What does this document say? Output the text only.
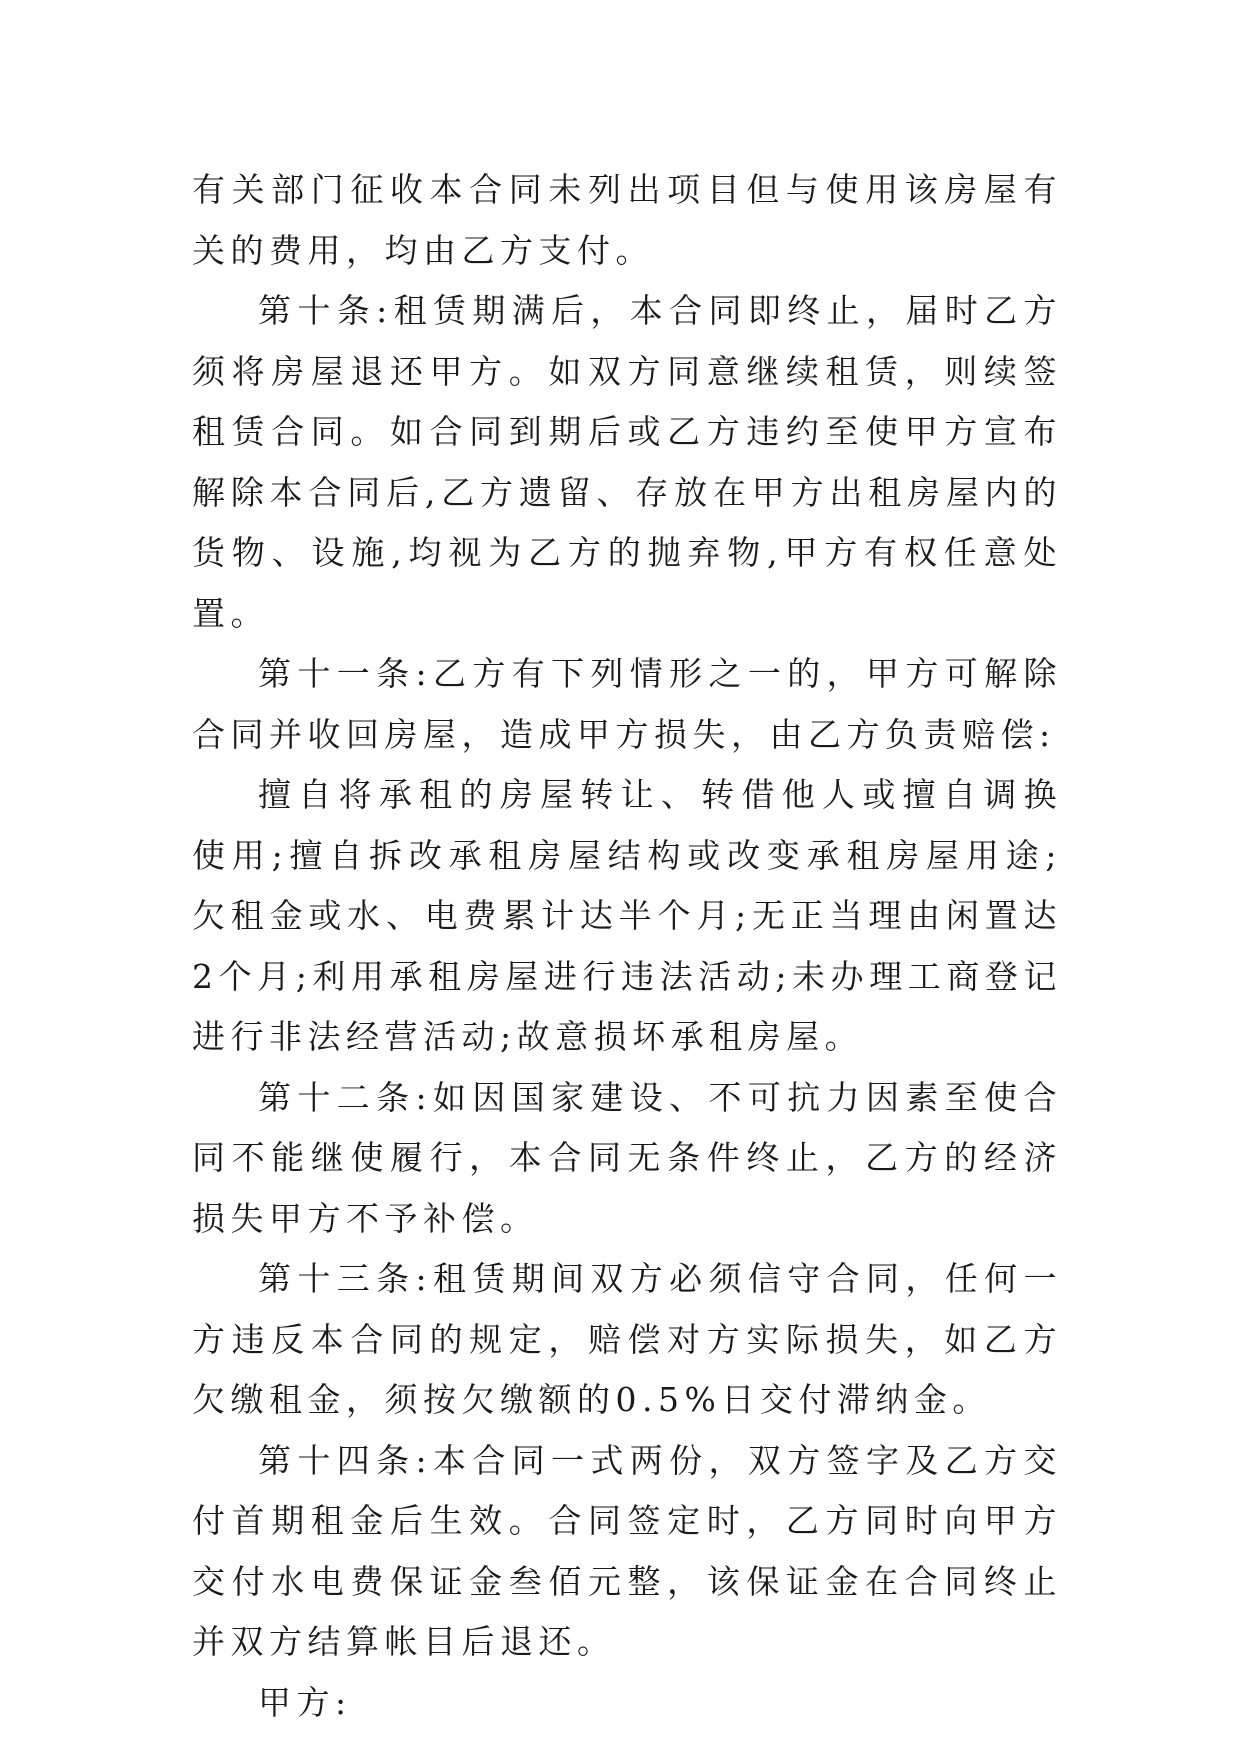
有关部门征收本合同未列出项目但与使用该房屋有关的费用，均由乙方支付。

第十条:租赁期满后，本合同即终止，届时乙方须将房屋退还甲方。如双方同意继续租赁，则续签租赁合同。如合同到期后或乙方违约至使甲方宣布解除本合同后,乙方遗留、存放在甲方出租房屋内的货物、设施,均视为乙方的抛弃物,甲方有权任意处置。

第十一条:乙方有下列情形之一的，甲方可解除合同并收回房屋，造成甲方损失，由乙方负责赔偿:

擅自将承租的房屋转让、转借他人或擅自调换使用;擅自拆改承租房屋结构或改变承租房屋用途;欠租金或水、电费累计达半个月;无正当理由闲置达2个月;利用承租房屋进行违法活动;未办理工商登记进行非法经营活动;故意损坏承租房屋。

第十二条:如因国家建设、不可抗力因素至使合同不能继使履行，本合同无条件终止，乙方的经济损失甲方不予补偿。

第十三条:租赁期间双方必须信守合同，任何一方违反本合同的规定，赔偿对方实际损失，如乙方欠缴租金，须按欠缴额的0.5%日交付滞纳金。

第十四条:本合同一式两份，双方签字及乙方交付首期租金后生效。合同签定时，乙方同时向甲方交付水电费保证金叁佰元整，该保证金在合同终止并双方结算帐目后退还。

甲方:
